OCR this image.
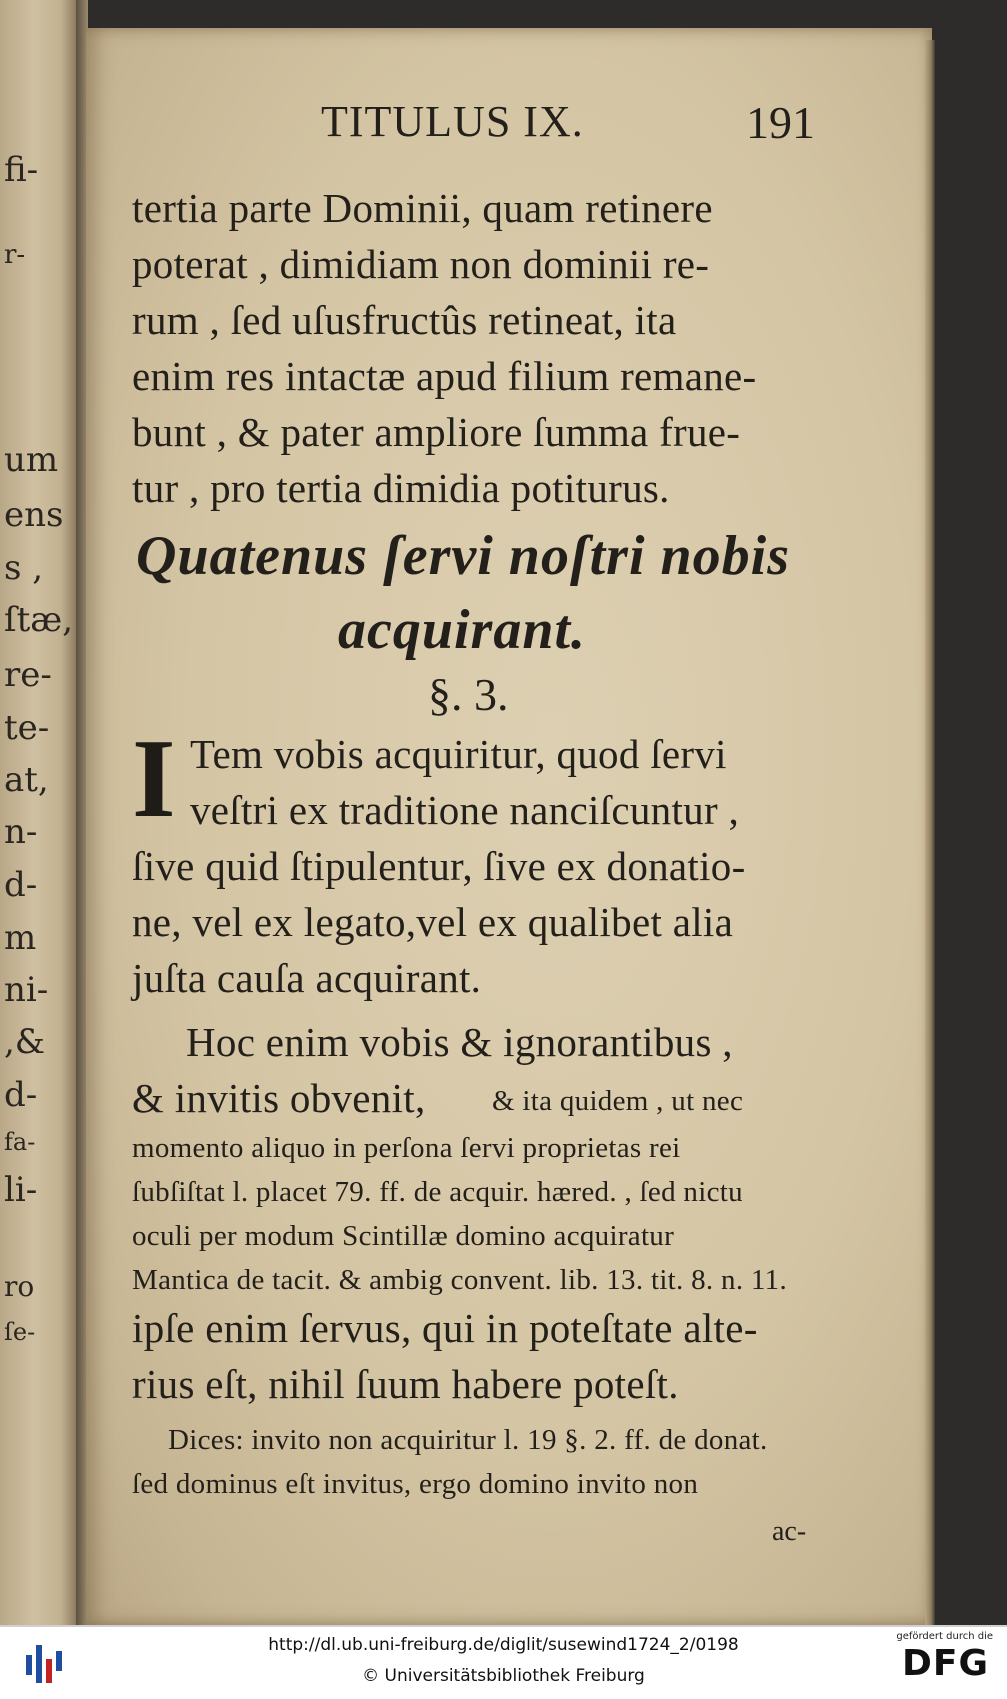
fi-
r-
um
ens
s ,
ſtæ,
re-
te-
at,
n-
d-
m
ni-
,&
d-
fa-
li-
ro
ſe-
TITULUS IX.	191
tertia parte Dominii, quam retinere
poterat , dimidiam non dominii re-
rum , ſed uſusfructûs retineat, ita
enim res intactæ apud filium remane-
bunt , & pater ampliore ſumma frue-
tur , pro tertia dimidia potiturus.
Quatenus ſervi noſtri nobis
acquirant.
§. 3.
I Tem vobis acquiritur, quod ſervi
veſtri ex traditione nanciſcuntur ,
ſive quid ſtipulentur, ſive ex donatio-
ne, vel ex legato,vel ex qualibet alia
juſta cauſa acquirant.
Hoc enim vobis & ignorantibus ,
& invitis obvenit, & ita quidem , ut nec
momento aliquo in perſona ſervi proprietas rei
ſubſiſtat l. placet 79. ff. de acquir. hæred. , ſed nictu
oculi per modum Scintillæ domino acquiratur
Mantica de tacit. & ambig convent. lib. 13. tit. 8. n. 11.
ipſe enim ſervus, qui in poteſtate alte-
rius eſt, nihil ſuum habere poteſt.
Dices: invito non acquiritur l. 19 §. 2. ff. de donat.
ſed dominus eſt invitus, ergo domino invito non
ac-
http://dl.ub.uni-freiburg.de/diglit/susewind1724_2/0198
© Universitätsbibliothek Freiburg
gefördert durch die
DFG
